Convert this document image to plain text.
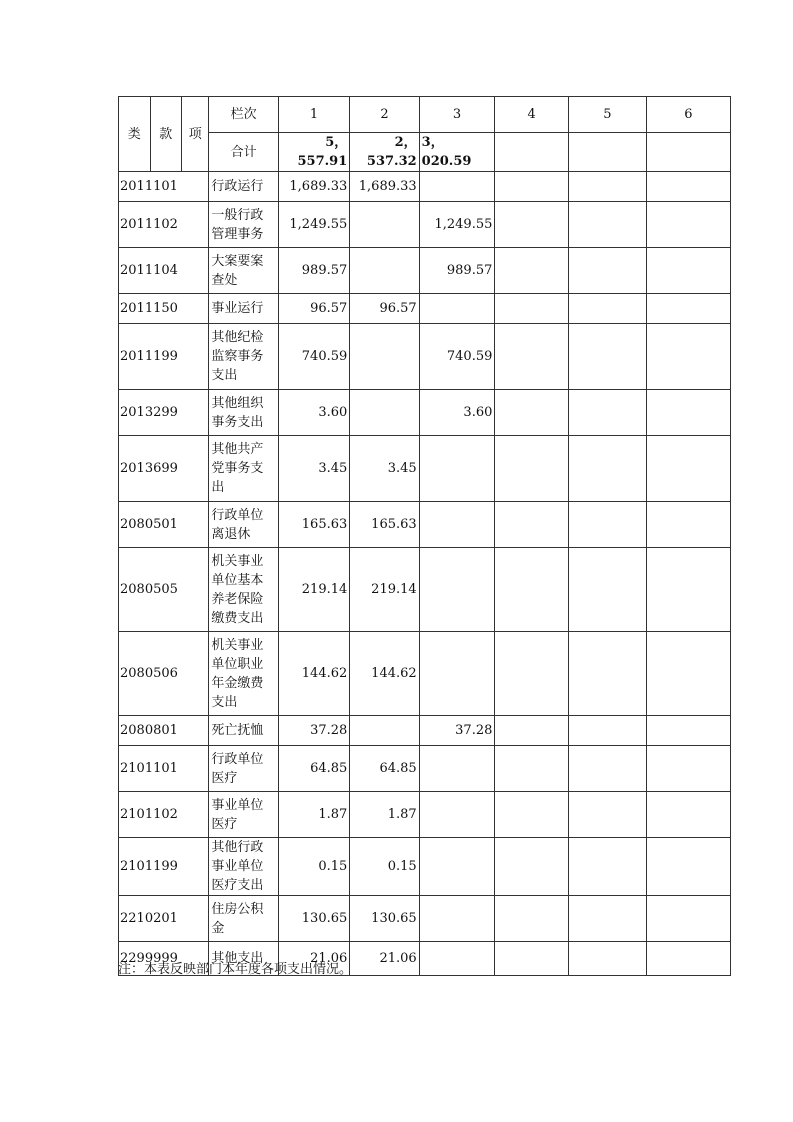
类	款	项	栏次	1	2	3	4	5	6
			合计	5，557.91	2，537.32	3，020.59			
2011101			行政运行	1,689.33	1,689.33				
2011102			一般行政管理事务	1,249.55		1,249.55			
2011104			大案要案查处	989.57		989.57			
2011150			事业运行	96.57	96.57				
2011199			其他纪检监察事务支出	740.59		740.59			
2013299			其他组织事务支出	3.60		3.60			
2013699			其他共产党事务支出	3.45	3.45				
2080501			行政单位离退休	165.63	165.63				
2080505			机关事业单位基本养老保险缴费支出	219.14	219.14				
2080506			机关事业单位职业年金缴费支出	144.62	144.62				
2080801			死亡抚恤	37.28		37.28			
2101101			行政单位医疗	64.85	64.85				
2101102			事业单位医疗	1.87	1.87				
2101199			其他行政事业单位医疗支出	0.15	0.15				
2210201			住房公积金	130.65	130.65				
2299999			其他支出	21.06	21.06				
注：本表反映部门本年度各项支出情况。
